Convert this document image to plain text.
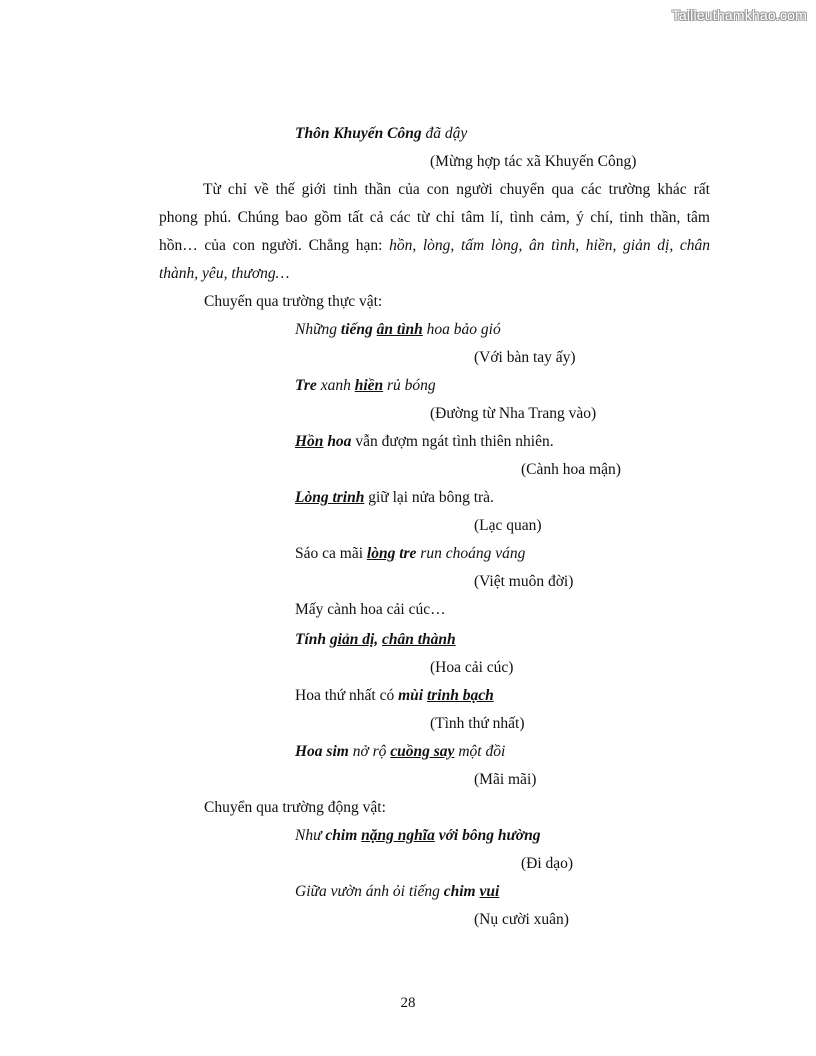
Tailieuthamkhao.com
Thôn Khuyến Công đã dậy
(Mừng hợp tác xã Khuyến Công)
Từ chỉ về thế giới tinh thần của con người chuyển qua các trường khác rất
phong phú. Chúng bao gồm tất cả các từ chỉ tâm lí, tình cảm, ý chí, tinh thần, tâm
hồn… của con người. Chẳng hạn: hồn, lòng, tấm lòng, ân tình, hiền, giản dị, chân
thành, yêu, thương…
Chuyển qua trường thực vật:
Những tiếng ân tình hoa bảo gió
(Với bàn tay ấy)
Tre xanh hiền rủ bóng
(Đường từ Nha Trang vào)
Hồn hoa vẫn đượm ngát tình thiên nhiên.
(Cành hoa mận)
Lòng trinh giữ lại nửa bông trà.
(Lạc quan)
Sáo ca mãi lòng tre run choáng váng
(Việt muôn đời)
Mấy cành hoa cải cúc…
Tính giản dị, chân thành
(Hoa cải cúc)
Hoa thứ nhất có mùi trinh bạch
(Tình thứ nhất)
Hoa sim nở rộ cuồng say một đồi
(Mãi mãi)
Chuyển qua trường động vật:
Như chim nặng nghĩa với bông hường
(Đi dạo)
Giữa vườn ánh ỏi tiếng chim vui
(Nụ cười xuân)
28
